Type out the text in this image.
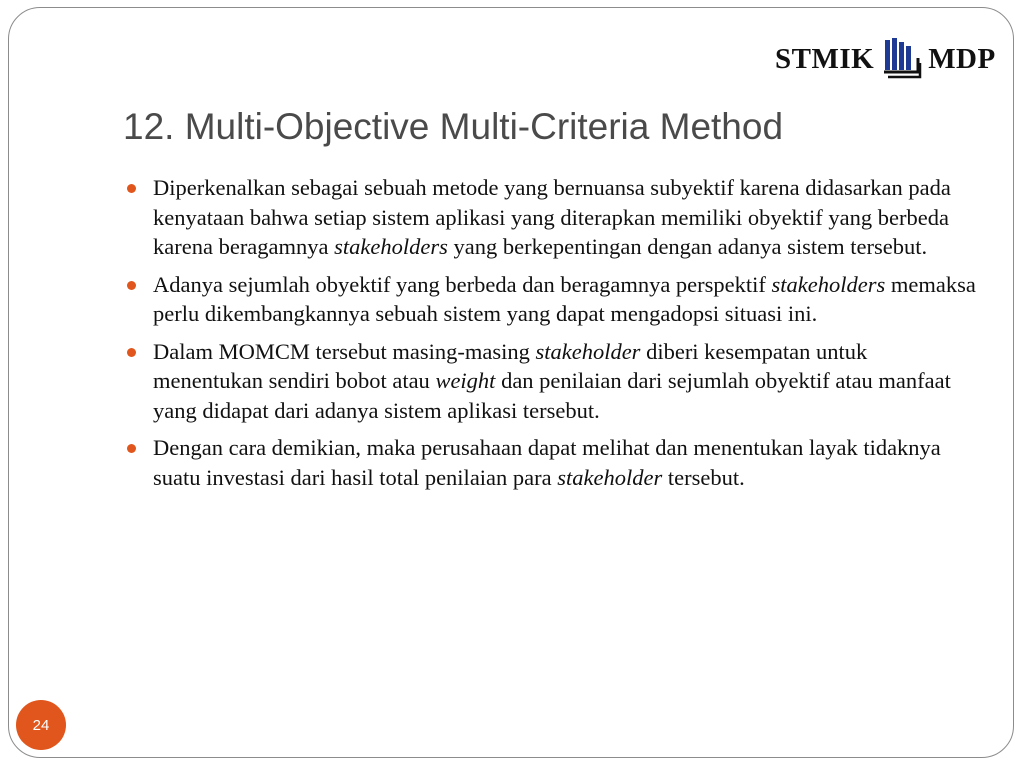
STMIK MDP
12. Multi-Objective Multi-Criteria Method
Diperkenalkan sebagai sebuah metode yang bernuansa subyektif karena didasarkan pada kenyataan bahwa setiap sistem aplikasi yang diterapkan memiliki obyektif yang berbeda karena beragamnya stakeholders yang berkepentingan dengan adanya sistem tersebut.
Adanya sejumlah obyektif yang berbeda dan beragamnya perspektif stakeholders memaksa perlu dikembangkannya sebuah sistem yang dapat mengadopsi situasi ini.
Dalam MOMCM tersebut masing-masing stakeholder diberi kesempatan untuk menentukan sendiri bobot atau weight dan penilaian dari sejumlah obyektif atau manfaat yang didapat dari adanya sistem aplikasi tersebut.
Dengan cara demikian, maka perusahaan dapat melihat dan menentukan layak tidaknya suatu investasi dari hasil total penilaian para stakeholder tersebut.
24
